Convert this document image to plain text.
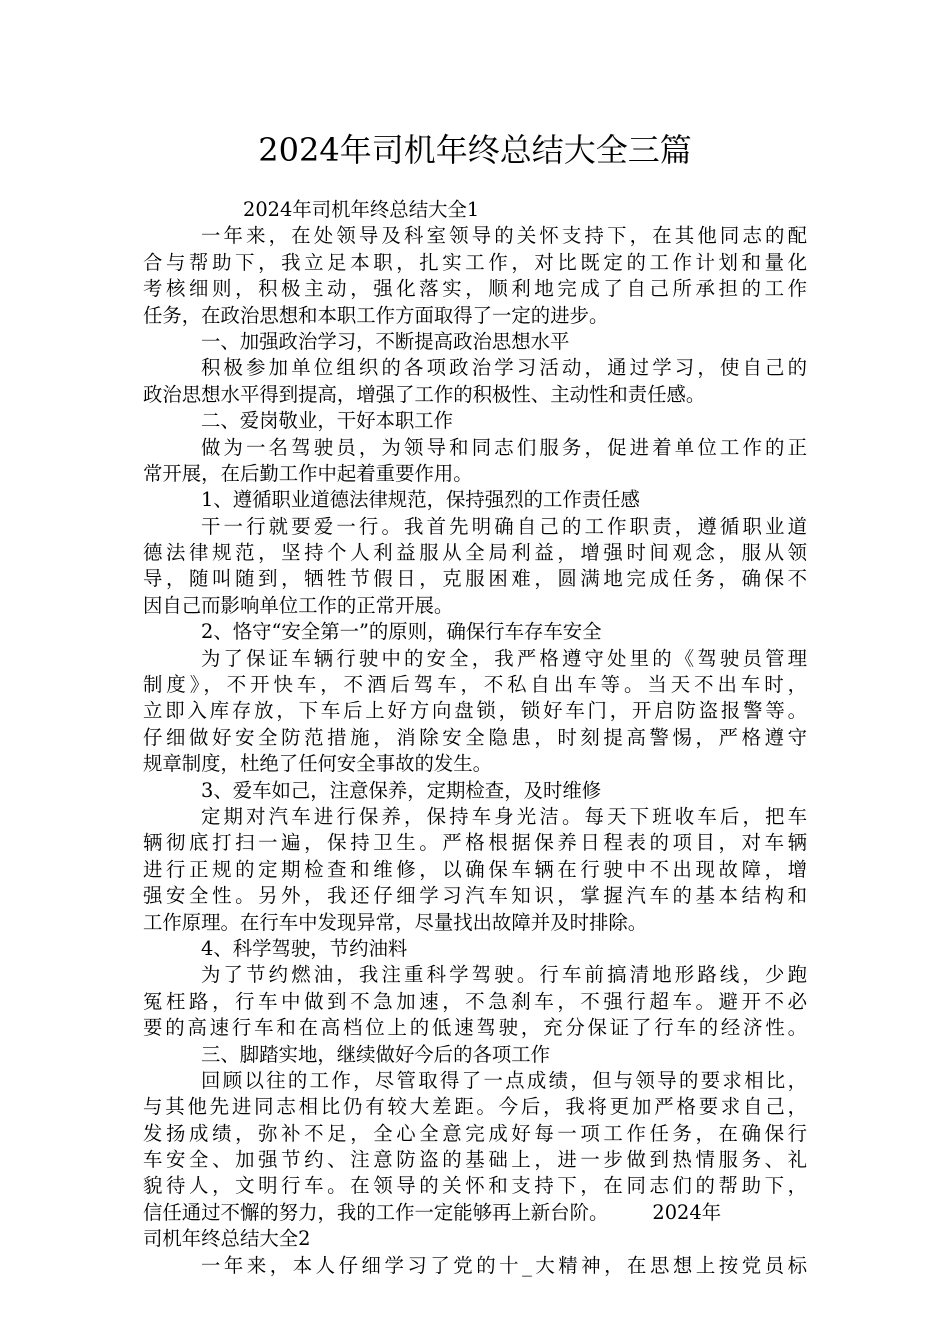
2024年司机年终总结大全三篇
2024年司机年终总结大全1
一年来，在处领导及科室领导的关怀支持下，在其他同志的配
合与帮助下，我立足本职，扎实工作，对比既定的工作计划和量化
考核细则，积极主动，强化落实，顺利地完成了自己所承担的工作
任务，在政治思想和本职工作方面取得了一定的进步。
一、加强政治学习，不断提高政治思想水平
积极参加单位组织的各项政治学习活动，通过学习，使自己的
政治思想水平得到提高，增强了工作的积极性、主动性和责任感。
二、爱岗敬业，干好本职工作
做为一名驾驶员，为领导和同志们服务，促进着单位工作的正
常开展，在后勤工作中起着重要作用。
1、遵循职业道德法律规范，保持强烈的工作责任感
干一行就要爱一行。我首先明确自己的工作职责，遵循职业道
德法律规范，坚持个人利益服从全局利益，增强时间观念，服从领
导，随叫随到，牺牲节假日，克服困难，圆满地完成任务，确保不
因自己而影响单位工作的正常开展。
2、恪守“安全第一”的原则，确保行车存车安全
为了保证车辆行驶中的安全，我严格遵守处里的《驾驶员管理
制度》，不开快车，不酒后驾车，不私自出车等。当天不出车时，
立即入库存放，下车后上好方向盘锁，锁好车门，开启防盗报警等。
仔细做好安全防范措施，消除安全隐患，时刻提高警惕，严格遵守
规章制度，杜绝了任何安全事故的发生。
3、爱车如己，注意保养，定期检查，及时维修
定期对汽车进行保养，保持车身光洁。每天下班收车后，把车
辆彻底打扫一遍，保持卫生。严格根据保养日程表的项目，对车辆
进行正规的定期检查和维修，以确保车辆在行驶中不出现故障，增
强安全性。另外，我还仔细学习汽车知识，掌握汽车的基本结构和
工作原理。在行车中发现异常，尽量找出故障并及时排除。
4、科学驾驶，节约油料
为了节约燃油，我注重科学驾驶。行车前搞清地形路线，少跑
冤枉路，行车中做到不急加速，不急刹车，不强行超车。避开不必
要的高速行车和在高档位上的低速驾驶，充分保证了行车的经济性。
三、脚踏实地，继续做好今后的各项工作
回顾以往的工作，尽管取得了一点成绩，但与领导的要求相比，
与其他先进同志相比仍有较大差距。今后，我将更加严格要求自己，
发扬成绩，弥补不足，全心全意完成好每一项工作任务，在确保行
车安全、加强节约、注意防盗的基础上，进一步做到热情服务、礼
貌待人，文明行车。在领导的关怀和支持下，在同志们的帮助下，
信任通过不懈的努力，我的工作一定能够再上新台阶。 2024年
司机年终总结大全2
一年来，本人仔细学习了党的十_大精神，在思想上按党员标
